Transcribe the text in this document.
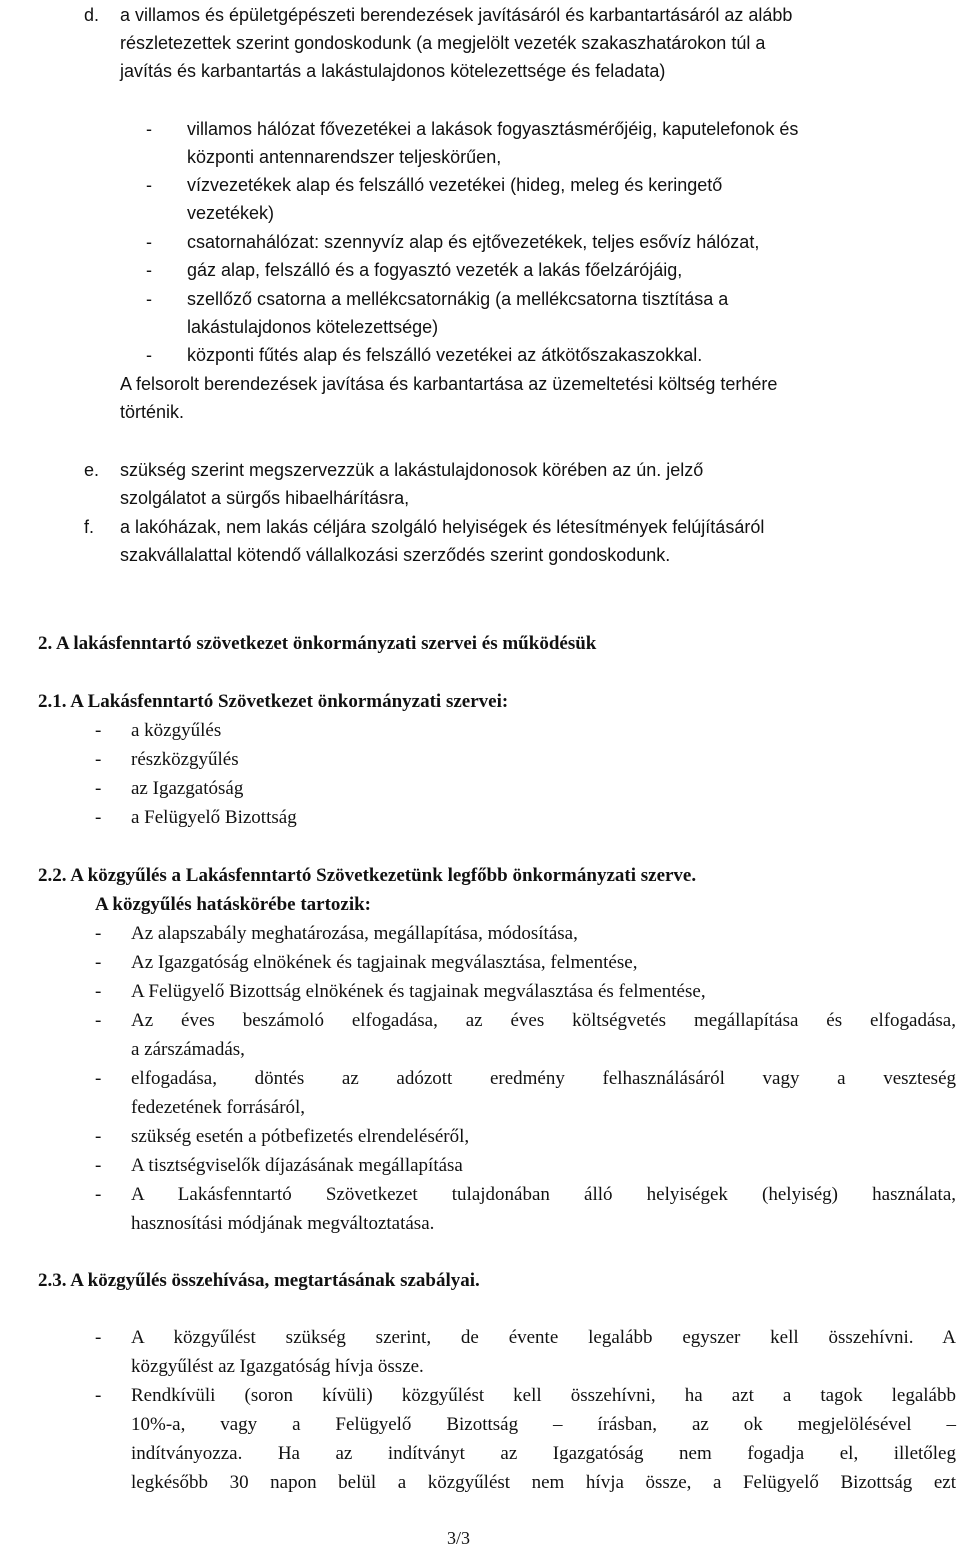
d. a villamos és épületgépészeti berendezések javításáról és karbantartásáról az alább
részletezettek szerint gondoskodunk (a megjelölt vezeték szakaszhatárokon túl a
javítás és karbantartás a lakástulajdonos kötelezettsége és feladata)
- villamos hálózat fővezetékei a lakások fogyasztásmérőjéig, kaputelefonok és
központi antennarendszer teljeskörűen,
- vízvezetékek alap és felszálló vezetékei (hideg, meleg és keringető
vezetékek)
- csatornahálózat: szennyvíz alap és ejtővezetékek, teljes esővíz hálózat,
- gáz alap, felszálló és a fogyasztó vezeték a lakás főelzárójáig,
- szellőző csatorna a mellékcsatornákig (a mellékcsatorna tisztítása a
lakástulajdonos kötelezettsége)
- központi fűtés alap és felszálló vezetékei az átkötőszakaszokkal.
A felsorolt berendezések javítása és karbantartása az üzemeltetési költség terhére
történik.
e. szükség szerint megszervezzük a lakástulajdonosok körében az ún. jelző
szolgálatot a sürgős hibaelhárításra,
f. a lakóházak, nem lakás céljára szolgáló helyiségek és létesítmények felújításáról
szakvállalattal kötendő vállalkozási szerződés szerint gondoskodunk.
2. A lakásfenntartó szövetkezet önkormányzati szervei és működésük
2.1. A Lakásfenntartó Szövetkezet önkormányzati szervei:
- a közgyűlés
- részközgyűlés
- az Igazgatóság
- a Felügyelő Bizottság
2.2. A közgyűlés a Lakásfenntartó Szövetkezetünk legfőbb önkormányzati szerve.
A közgyűlés hatáskörébe tartozik:
- Az alapszabály meghatározása, megállapítása, módosítása,
- Az Igazgatóság elnökének és tagjainak megválasztása, felmentése,
- A Felügyelő Bizottság elnökének és tagjainak megválasztása és felmentése,
- Az éves beszámoló elfogadása, az éves költségvetés megállapítása és elfogadása,
a zárszámadás,
- elfogadása, döntés az adózott eredmény felhasználásáról vagy a veszteség
fedezetének forrásáról,
- szükség esetén a pótbefizetés elrendeléséről,
- A tisztségviselők díjazásának megállapítása
- A Lakásfenntartó Szövetkezet tulajdonában álló helyiségek (helyiség) használata,
hasznosítási módjának megváltoztatása.
2.3. A közgyűlés összehívása, megtartásának szabályai.
- A közgyűlést szükség szerint, de évente legalább egyszer kell összehívni. A
közgyűlést az Igazgatóság hívja össze.
- Rendkívüli (soron kívüli) közgyűlést kell összehívni, ha azt a tagok legalább
10%-a, vagy a Felügyelő Bizottság – írásban, az ok megjelölésével –
indítványozza. Ha az indítványt az Igazgatóság nem fogadja el, illetőleg
legkésőbb 30 napon belül a közgyűlést nem hívja össze, a Felügyelő Bizottság ezt
3/3
